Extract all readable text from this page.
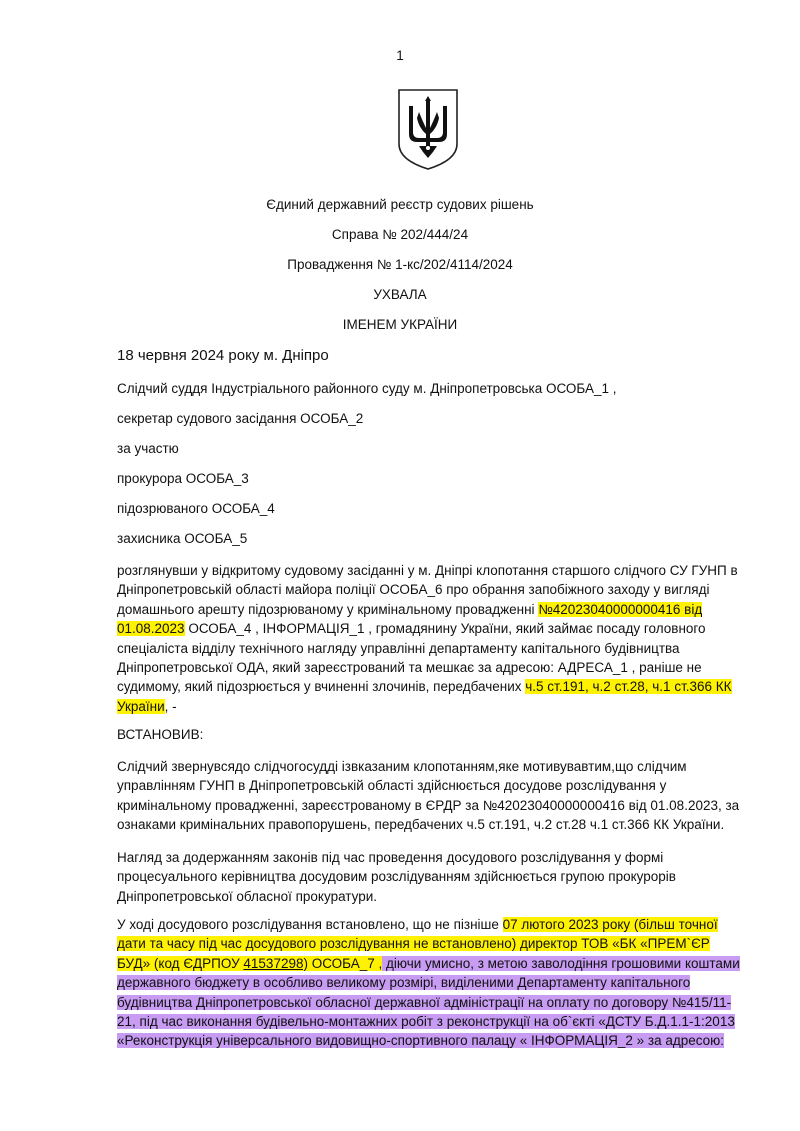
1
Єдиний державний реєстр судових рішень
Справа № 202/444/24
Провадження № 1-кс/202/4114/2024
УХВАЛА
ІМЕНЕМ УКРАЇНИ
18 червня 2024 року м. Дніпро
Слідчий суддя Індустріального районного суду м. Дніпропетровська ОСОБА_1 ,
секретар судового засідання ОСОБА_2
за участю
прокурора ОСОБА_3
підозрюваного ОСОБА_4
захисника ОСОБА_5
розглянувши у відкритому судовому засіданні у м. Дніпрі клопотання старшого слідчого СУ ГУНП в Дніпропетровській області майора поліції ОСОБА_6 про обрання запобіжного заходу у вигляді домашнього арешту підозрюваному у кримінальному провадженні №42023040000000416 від 01.08.2023 ОСОБА_4 , ІНФОРМАЦІЯ_1 , громадянину України, який займає посаду головного спеціаліста відділу технічного нагляду управлінні департаменту капітального будівництва Дніпропетровської ОДА, який зареєстрований та мешкає за адресою: АДРЕСА_1 , раніше не судимому, який підозрюється у вчиненні злочинів, передбачених ч.5 ст.191, ч.2 ст.28, ч.1 ст.366 КК України, -
ВСТАНОВИВ:
Слідчий звернувсядо слідчогосудді ізвказаним клопотанням,яке мотивувавтим,що слідчим управлінням ГУНП в Дніпропетровській області здійснюється досудове розслідування у кримінальному провадженні, зареєстрованому в ЄРДР за №42023040000000416 від 01.08.2023, за ознаками кримінальних правопорушень, передбачених ч.5 ст.191, ч.2 ст.28 ч.1 ст.366 КК України.
Нагляд за додержанням законів під час проведення досудового розслідування у формі процесуального керівництва досудовим розслідуванням здійснюється групою прокурорів Дніпропетровської обласної прокуратури.
У ході досудового розслідування встановлено, що не пізніше 07 лютого 2023 року (більш точної дати та часу під час досудового розслідування не встановлено) директор ТОВ «БК «ПРЕМ`ЄР БУД» (код ЄДРПОУ 41537298) ОСОБА_7 , діючи умисно, з метою заволодіння грошовими коштами державного бюджету в особливо великому розмірі, виділеними Департаменту капітального будівництва Дніпропетровської обласної державної адміністрації на оплату по договору №415/11-21, під час виконання будівельно-монтажних робіт з реконструкції на об`єкті «ДСТУ Б.Д.1.1-1:2013 «Реконструкція універсального видовищно-спортивного палацу « ІНФОРМАЦІЯ_2 » за адресою:
